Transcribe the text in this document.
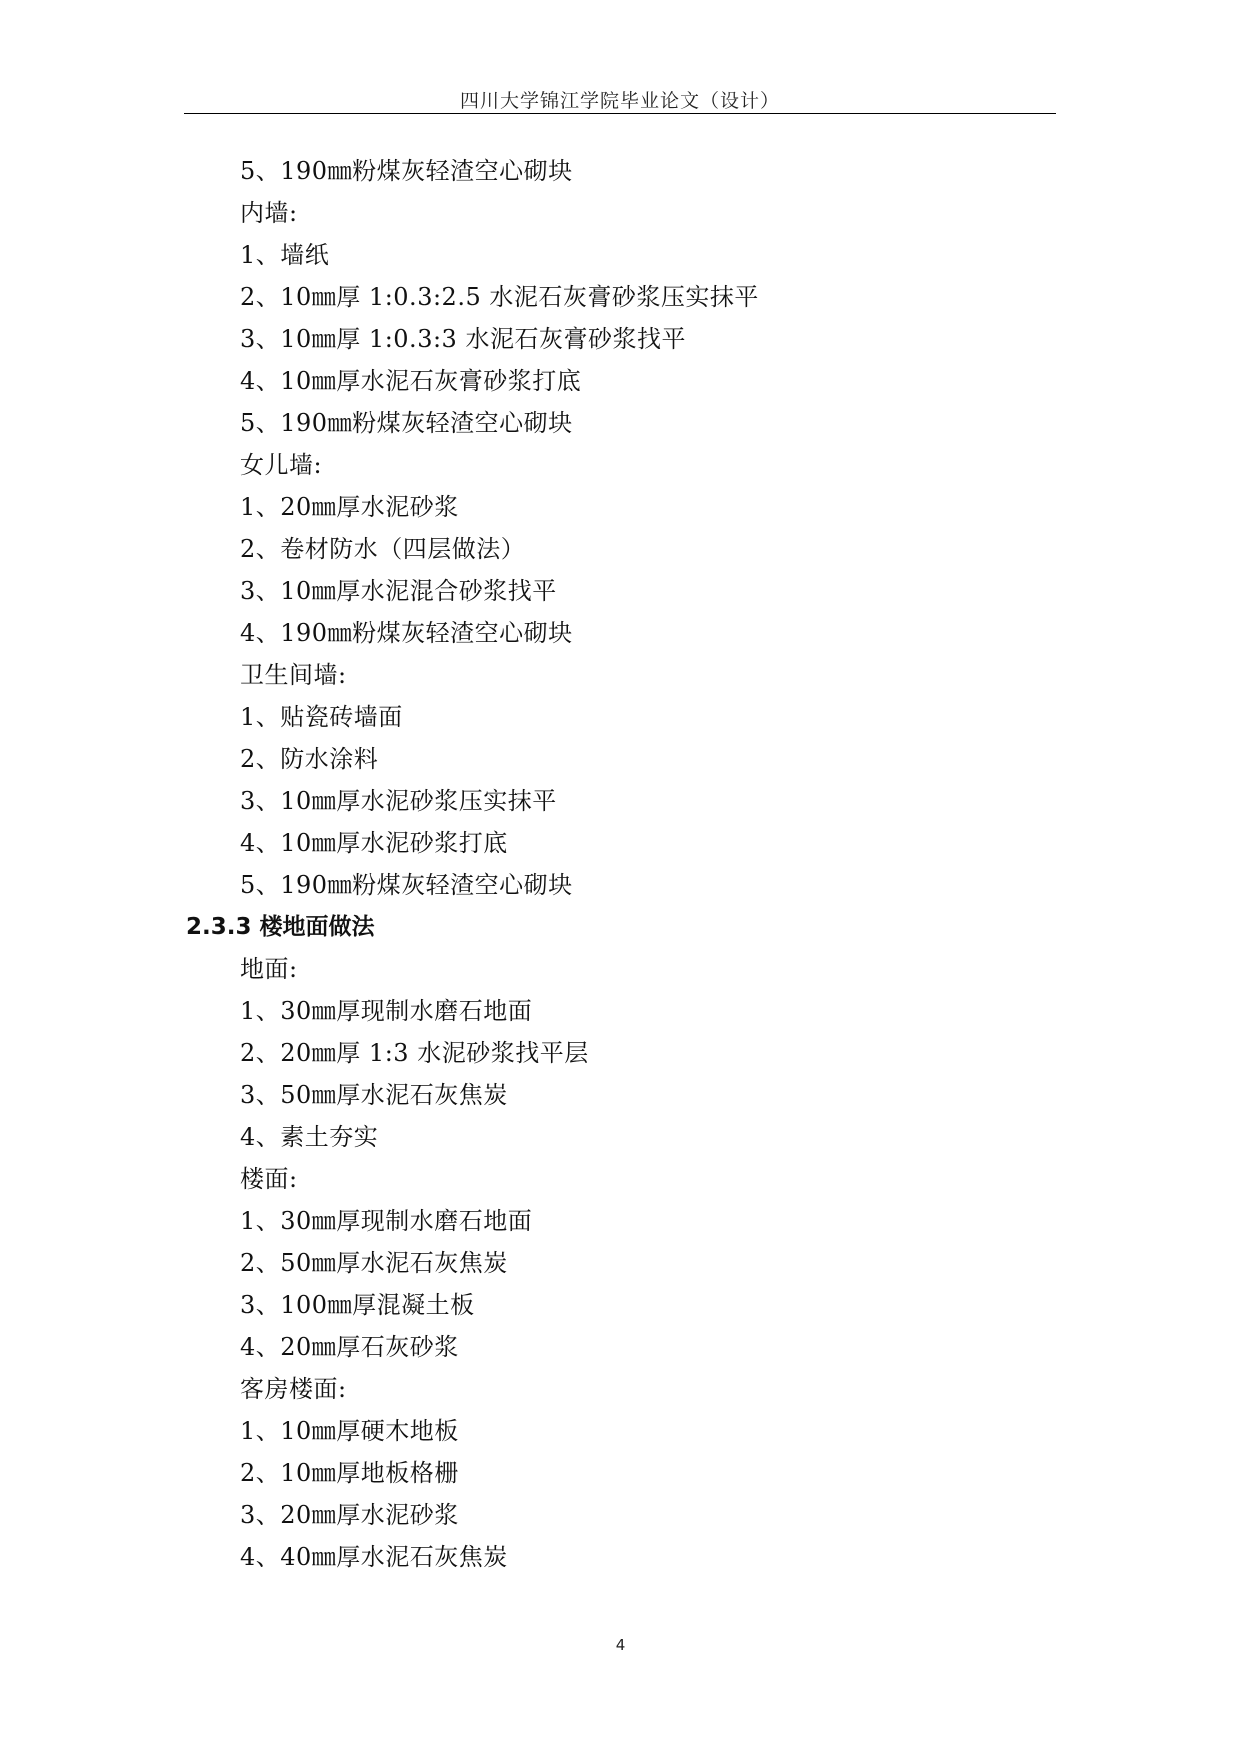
四川大学锦江学院毕业论文（设计）
5、190㎜粉煤灰轻渣空心砌块
内墙:
1、墙纸
2、10㎜厚 1:0.3:2.5 水泥石灰膏砂浆压实抹平
3、10㎜厚 1:0.3:3 水泥石灰膏砂浆找平
4、10㎜厚水泥石灰膏砂浆打底
5、190㎜粉煤灰轻渣空心砌块
女儿墙:
1、20㎜厚水泥砂浆
2、卷材防水（四层做法）
3、10㎜厚水泥混合砂浆找平
4、190㎜粉煤灰轻渣空心砌块
卫生间墙:
1、贴瓷砖墙面
2、防水涂料
3、10㎜厚水泥砂浆压实抹平
4、10㎜厚水泥砂浆打底
5、190㎜粉煤灰轻渣空心砌块
2.3.3 楼地面做法
地面:
1、30㎜厚现制水磨石地面
2、20㎜厚 1:3 水泥砂浆找平层
3、50㎜厚水泥石灰焦炭
4、素土夯实
楼面:
1、30㎜厚现制水磨石地面
2、50㎜厚水泥石灰焦炭
3、100㎜厚混凝土板
4、20㎜厚石灰砂浆
客房楼面:
1、10㎜厚硬木地板
2、10㎜厚地板格栅
3、20㎜厚水泥砂浆
4、40㎜厚水泥石灰焦炭
4
